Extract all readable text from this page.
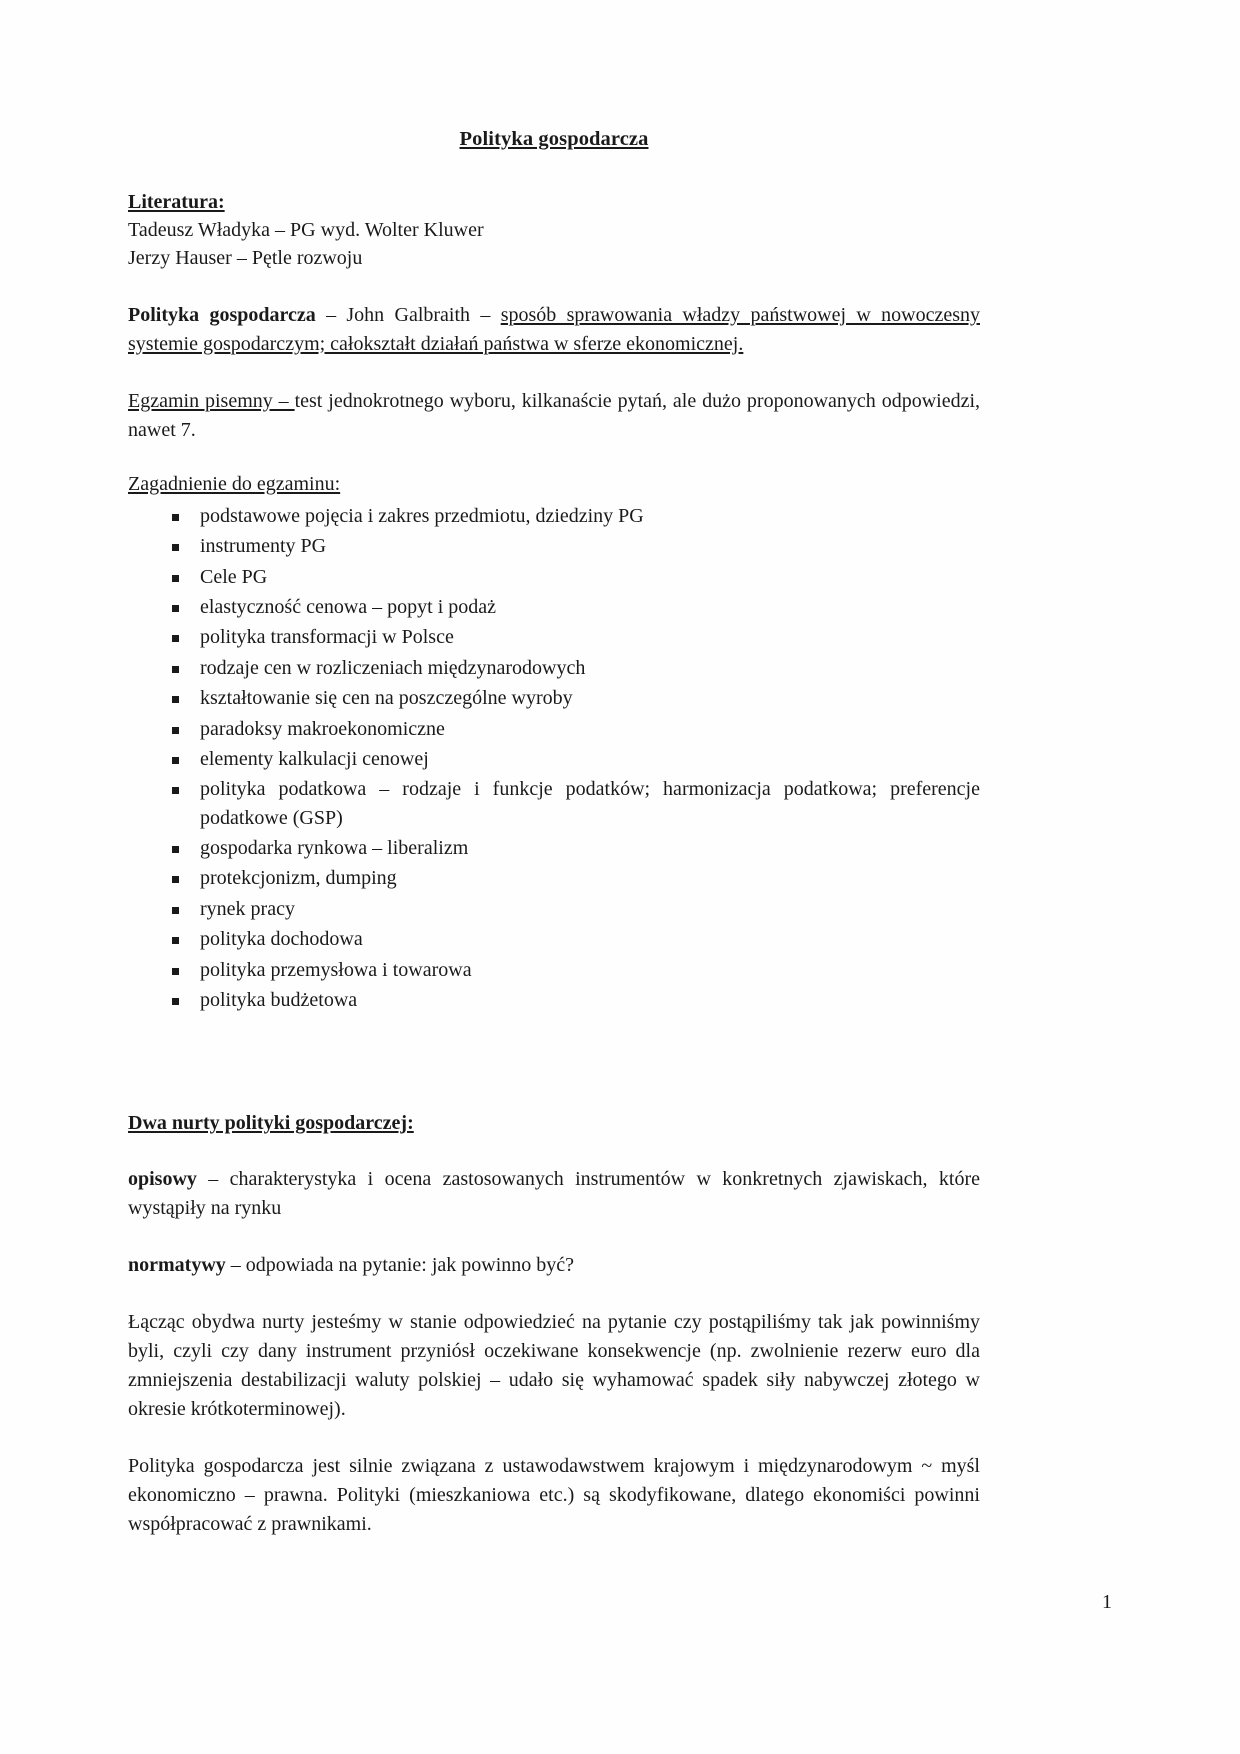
Polityka gospodarcza
Literatura:

Tadeusz Władyka – PG wyd. Wolter Kluwer

Jerzy Hauser – Pętle rozwoju

Polityka gospodarcza – John Galbraith – sposób sprawowania władzy państwowej w nowoczesny systemie gospodarczym; całokształt działań państwa w sferze ekonomicznej.

Egzamin pisemny – test jednokrotnego wyboru, kilkanaście pytań, ale dużo proponowanych odpowiedzi, nawet 7.

Zagadnienie do egzaminu:
podstawowe pojęcia i zakres przedmiotu, dziedziny PG
instrumenty PG
Cele PG
elastyczność cenowa – popyt i podaż
polityka transformacji w Polsce
rodzaje cen w rozliczeniach międzynarodowych
kształtowanie się cen na poszczególne wyroby
paradoksy makroekonomiczne
elementy kalkulacji cenowej
polityka podatkowa – rodzaje i funkcje podatków; harmonizacja podatkowa; preferencje podatkowe (GSP)
gospodarka rynkowa – liberalizm
protekcjonizm, dumping
rynek pracy
polityka dochodowa
polityka przemysłowa i towarowa
polityka budżetowa
Dwa nurty polityki gospodarczej:

opisowy – charakterystyka i ocena zastosowanych instrumentów w konkretnych zjawiskach, które wystąpiły na rynku

normatywy – odpowiada na pytanie: jak powinno być?

Łącząc obydwa nurty jesteśmy w stanie odpowiedzieć na pytanie czy postąpiliśmy tak jak powinniśmy byli, czyli czy dany instrument przyniósł oczekiwane konsekwencje (np. zwolnienie rezerw euro dla zmniejszenia destabilizacji waluty polskiej – udało się wyhamować spadek siły nabywczej złotego w okresie krótkoterminowej).

Polityka gospodarcza jest silnie związana z ustawodawstwem krajowym i międzynarodowym ~ myśl ekonomiczno – prawna. Polityki (mieszkaniowa etc.) są skodyfikowane, dlatego ekonomiści powinni współpracować z prawnikami.

1
